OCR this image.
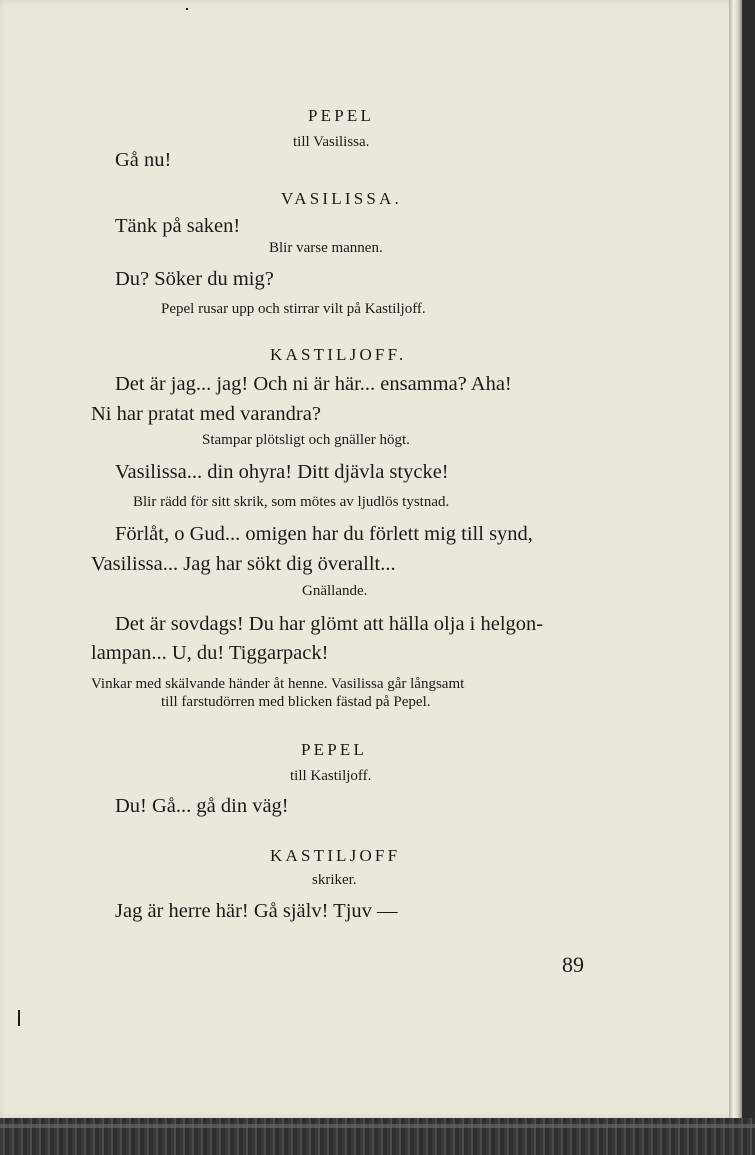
PEPEL

till Vasilissa.

Gå nu!

VASILISSA.

Tänk på saken!

Blir varse mannen.

Du? Söker du mig?

Pepel rusar upp och stirrar vilt på Kastiljoff.

KASTILJOFF.

Det är jag... jag! Och ni är här... ensamma? Aha!

Ni har pratat med varandra?

Stampar plötsligt och gnäller högt.

Vasilissa... din ohyra! Ditt djävla stycke!

Blir rädd för sitt skrik, som mötes av ljudlös tystnad.

Förlåt, o Gud... omigen har du förlett mig till synd,

Vasilissa... Jag har sökt dig överallt...

Gnällande.

Det är sovdags! Du har glömt att hälla olja i helgon-

lampan... U, du! Tiggarpack!

Vinkar med skälvande händer åt henne. Vasilissa går långsamt

till farstudörren med blicken fästad på Pepel.

PEPEL

till Kastiljoff.

Du! Gå... gå din väg!

KASTILJOFF

skriker.

Jag är herre här! Gå själv! Tjuv —

89
